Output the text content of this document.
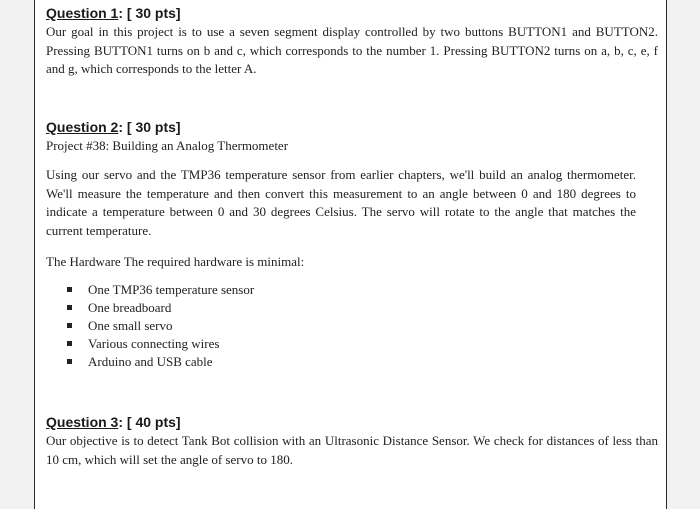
Question 1: [ 30 pts]

Our goal in this project is to use a seven segment display controlled by two buttons BUTTON1 and BUTTON2. Pressing BUTTON1 turns on b and c, which corresponds to the number 1. Pressing BUTTON2 turns on a, b, c, e, f and g, which corresponds to the letter A.

Question 2: [ 30 pts]

Project #38: Building an Analog Thermometer

Using our servo and the TMP36 temperature sensor from earlier chapters, we'll build an analog thermometer. We'll measure the temperature and then convert this measurement to an angle between 0 and 180 degrees to indicate a temperature between 0 and 30 degrees Celsius. The servo will rotate to the angle that matches the current temperature.

The Hardware The required hardware is minimal:

One TMP36 temperature sensor
One breadboard
One small servo
Various connecting wires
Arduino and USB cable
Question 3: [ 40 pts]

Our objective is to detect Tank Bot collision with an Ultrasonic Distance Sensor. We check for distances of less than 10 cm, which will set the angle of servo to 180.
